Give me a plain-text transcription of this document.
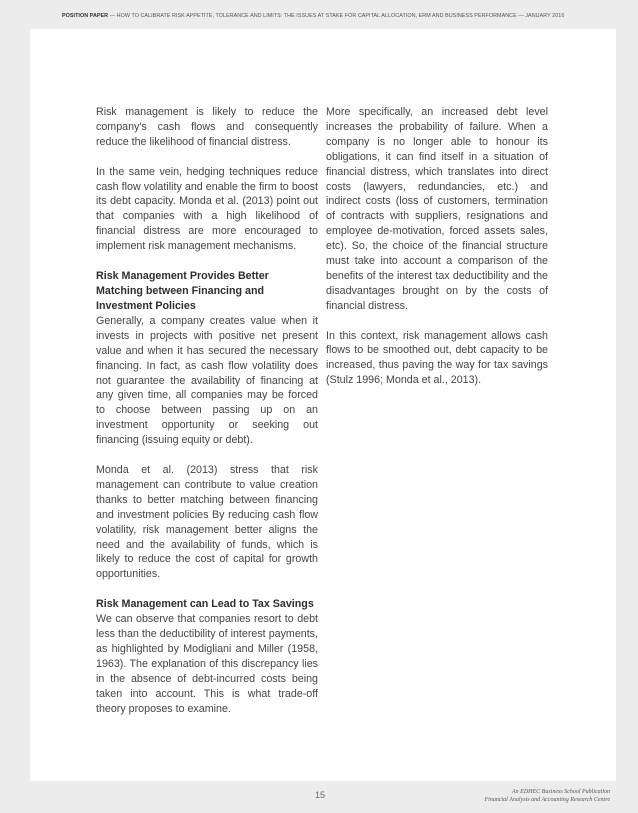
POSITION PAPER — HOW TO CALIBRATE RISK APPETITE, TOLERANCE AND LIMITS: THE ISSUES AT STAKE FOR CAPITAL ALLOCATION, ERM AND BUSINESS PERFORMANCE — JANUARY 2016

Risk management is likely to reduce the company's cash flows and consequently reduce the likelihood of financial distress.

In the same vein, hedging techniques reduce cash flow volatility and enable the firm to boost its debt capacity. Monda et al. (2013) point out that companies with a high likelihood of financial distress are more encouraged to implement risk management mechanisms.

Risk Management Provides Better Matching between Financing and Investment Policies

Generally, a company creates value when it invests in projects with positive net present value and when it has secured the necessary financing. In fact, as cash flow volatility does not guarantee the availability of financing at any given time, all companies may be forced to choose between passing up on an investment opportunity or seeking out financing (issuing equity or debt).

Monda et al. (2013) stress that risk management can contribute to value creation thanks to better matching between financing and investment policies By reducing cash flow volatility, risk management better aligns the need and the availability of funds, which is likely to reduce the cost of capital for growth opportunities.

Risk Management can Lead to Tax Savings

We can observe that companies resort to debt less than the deductibility of interest payments, as highlighted by Modigliani and Miller (1958, 1963). The explanation of this discrepancy lies in the absence of debt-incurred costs being taken into account. This is what trade-off theory proposes to examine.

More specifically, an increased debt level increases the probability of failure. When a company is no longer able to honour its obligations, it can find itself in a situation of financial distress, which translates into direct costs (lawyers, redundancies, etc.) and indirect costs (loss of customers, termination of contracts with suppliers, resignations and employee de-motivation, forced assets sales, etc). So, the choice of the financial structure must take into account a comparison of the benefits of the interest tax deductibility and the disadvantages brought on by the costs of financial distress.

In this context, risk management allows cash flows to be smoothed out, debt capacity to be increased, thus paving the way for tax savings (Stulz 1996; Monda et al., 2013).

15	An EDHEC Business School Publication
Financial Analysis and Accounting Research Centre
